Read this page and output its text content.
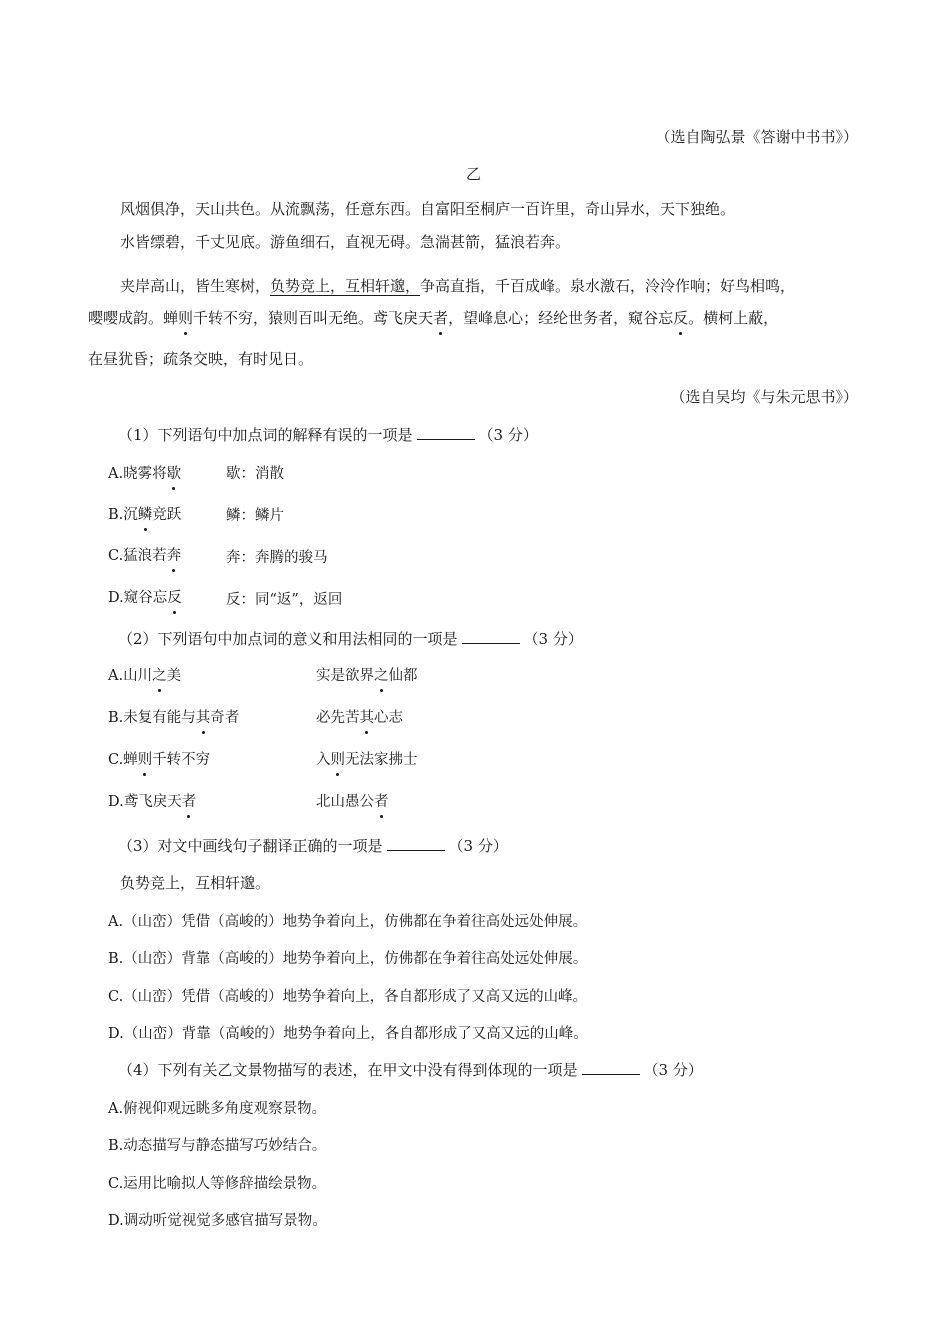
（选自陶弘景《答谢中书书》）
乙
风烟俱净，天山共色。从流飘荡，任意东西。自富阳至桐庐一百许里，奇山异水，天下独绝。
水皆缥碧，千丈见底。游鱼细石，直视无碍。急湍甚箭，猛浪若奔。
夹岸高山，皆生寒树，负势竞上，互相轩邈，争高直指，千百成峰。泉水激石，泠泠作响；好鸟相鸣，
嘤嘤成韵。蝉则千转不穷，猿则百叫无绝。鸢飞戾天者，望峰息心；经纶世务者，窥谷忘反。横柯上蔽，
在昼犹昏；疏条交映，有时见日。
（选自吴均《与朱元思书》）
（1）下列语句中加点词的解释有误的一项是	（3 分）
A.晓雾将歇	歇：消散
B.沉鳞竞跃	鳞：鳞片
C.猛浪若奔	奔：奔腾的骏马
D.窥谷忘反	反：同“返”，返回
（2）下列语句中加点词的意义和用法相同的一项是	（3 分）
A.山川之美	实是欲界之仙都
B.未复有能与其奇者	必先苦其心志
C.蝉则千转不穷	入则无法家拂士
D.鸢飞戾天者	北山愚公者
（3）对文中画线句子翻译正确的一项是	（3 分）
负势竞上，互相轩邈。
A.（山峦）凭借（高峻的）地势争着向上，仿佛都在争着往高处远处伸展。
B.（山峦）背靠（高峻的）地势争着向上，仿佛都在争着往高处远处伸展。
C.（山峦）凭借（高峻的）地势争着向上，各自都形成了又高又远的山峰。
D.（山峦）背靠（高峻的）地势争着向上，各自都形成了又高又远的山峰。
（4）下列有关乙文景物描写的表述，在甲文中没有得到体现的一项是	（3 分）
A.俯视仰观远眺多角度观察景物。
B.动态描写与静态描写巧妙结合。
C.运用比喻拟人等修辞描绘景物。
D.调动听觉视觉多感官描写景物。
